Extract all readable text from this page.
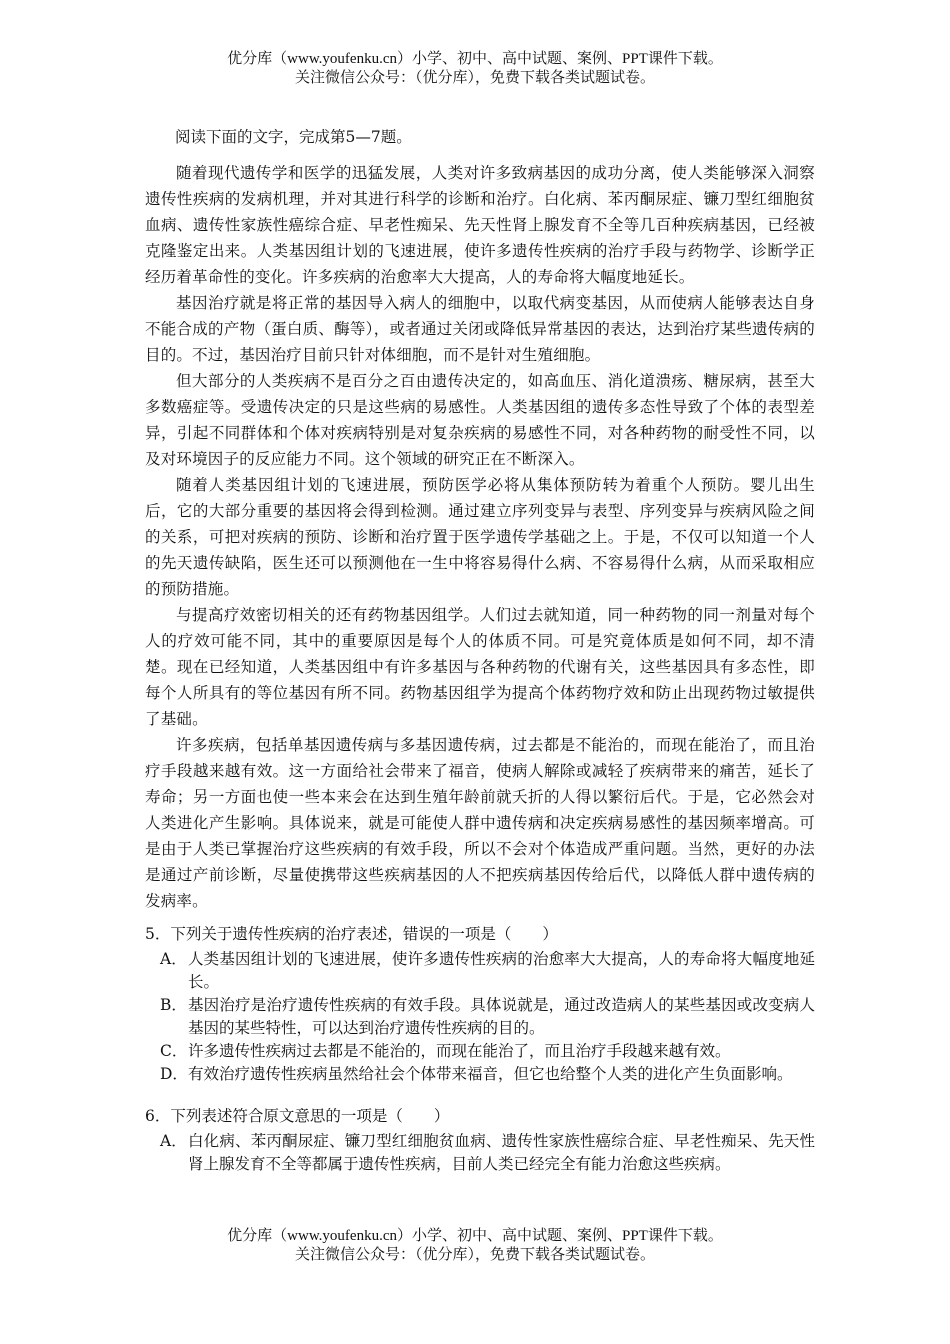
优分库（www.youfenku.cn）小学、初中、高中试题、案例、PPT课件下载。
关注微信公众号：（优分库），免费下载各类试题试卷。
阅读下面的文字，完成第5—7题。

随着现代遗传学和医学的迅猛发展，人类对许多致病基因的成功分离，使人类能够深入洞察遗传性疾病的发病机理，并对其进行科学的诊断和治疗。白化病、苯丙酮尿症、镰刀型红细胞贫血病、遗传性家族性癌综合症、早老性痴呆、先天性肾上腺发育不全等几百种疾病基因，已经被克隆鉴定出来。人类基因组计划的飞速进展，使许多遗传性疾病的治疗手段与药物学、诊断学正经历着革命性的变化。许多疾病的治愈率大大提高，人的寿命将大幅度地延长。

基因治疗就是将正常的基因导入病人的细胞中，以取代病变基因，从而使病人能够表达自身不能合成的产物（蛋白质、酶等），或者通过关闭或降低异常基因的表达，达到治疗某些遗传病的目的。不过，基因治疗目前只针对体细胞，而不是针对生殖细胞。

但大部分的人类疾病不是百分之百由遗传决定的，如高血压、消化道溃疡、糖尿病，甚至大多数癌症等。受遗传决定的只是这些病的易感性。人类基因组的遗传多态性导致了个体的表型差异，引起不同群体和个体对疾病特别是对复杂疾病的易感性不同，对各种药物的耐受性不同，以及对环境因子的反应能力不同。这个领域的研究正在不断深入。

随着人类基因组计划的飞速进展，预防医学必将从集体预防转为着重个人预防。婴儿出生后，它的大部分重要的基因将会得到检测。通过建立序列变异与表型、序列变异与疾病风险之间的关系，可把对疾病的预防、诊断和治疗置于医学遗传学基础之上。于是，不仅可以知道一个人的先天遗传缺陷，医生还可以预测他在一生中将容易得什么病、不容易得什么病，从而采取相应的预防措施。

与提高疗效密切相关的还有药物基因组学。人们过去就知道，同一种药物的同一剂量对每个人的疗效可能不同，其中的重要原因是每个人的体质不同。可是究竟体质是如何不同，却不清楚。现在已经知道，人类基因组中有许多基因与各种药物的代谢有关，这些基因具有多态性，即每个人所具有的等位基因有所不同。药物基因组学为提高个体药物疗效和防止出现药物过敏提供了基础。

许多疾病，包括单基因遗传病与多基因遗传病，过去都是不能治的，而现在能治了，而且治疗手段越来越有效。这一方面给社会带来了福音，使病人解除或减轻了疾病带来的痛苦，延长了寿命；另一方面也使一些本来会在达到生殖年龄前就夭折的人得以繁衍后代。于是，它必然会对人类进化产生影响。具体说来，就是可能使人群中遗传病和决定疾病易感性的基因频率增高。可是由于人类已掌握治疗这些疾病的有效手段，所以不会对个体造成严重问题。当然，更好的办法是通过产前诊断，尽量使携带这些疾病基因的人不把疾病基因传给后代，以降低人群中遗传病的发病率。

5．下列关于遗传性疾病的治疗表述，错误的一项是（　　）
A． 人类基因组计划的飞速进展，使许多遗传性疾病的治愈率大大提高，人的寿命将大幅度地延长。
B． 基因治疗是治疗遗传性疾病的有效手段。具体说就是，通过改造病人的某些基因或改变病人基因的某些特性，可以达到治疗遗传性疾病的目的。
C． 许多遗传性疾病过去都是不能治的，而现在能治了，而且治疗手段越来越有效。
D． 有效治疗遗传性疾病虽然给社会个体带来福音，但它也给整个人类的进化产生负面影响。
6．下列表述符合原文意思的一项是（　　）
A． 白化病、苯丙酮尿症、镰刀型红细胞贫血病、遗传性家族性癌综合症、早老性痴呆、先天性肾上腺发育不全等都属于遗传性疾病，目前人类已经完全有能力治愈这些疾病。
优分库（www.youfenku.cn）小学、初中、高中试题、案例、PPT课件下载。
关注微信公众号：（优分库），免费下载各类试题试卷。
